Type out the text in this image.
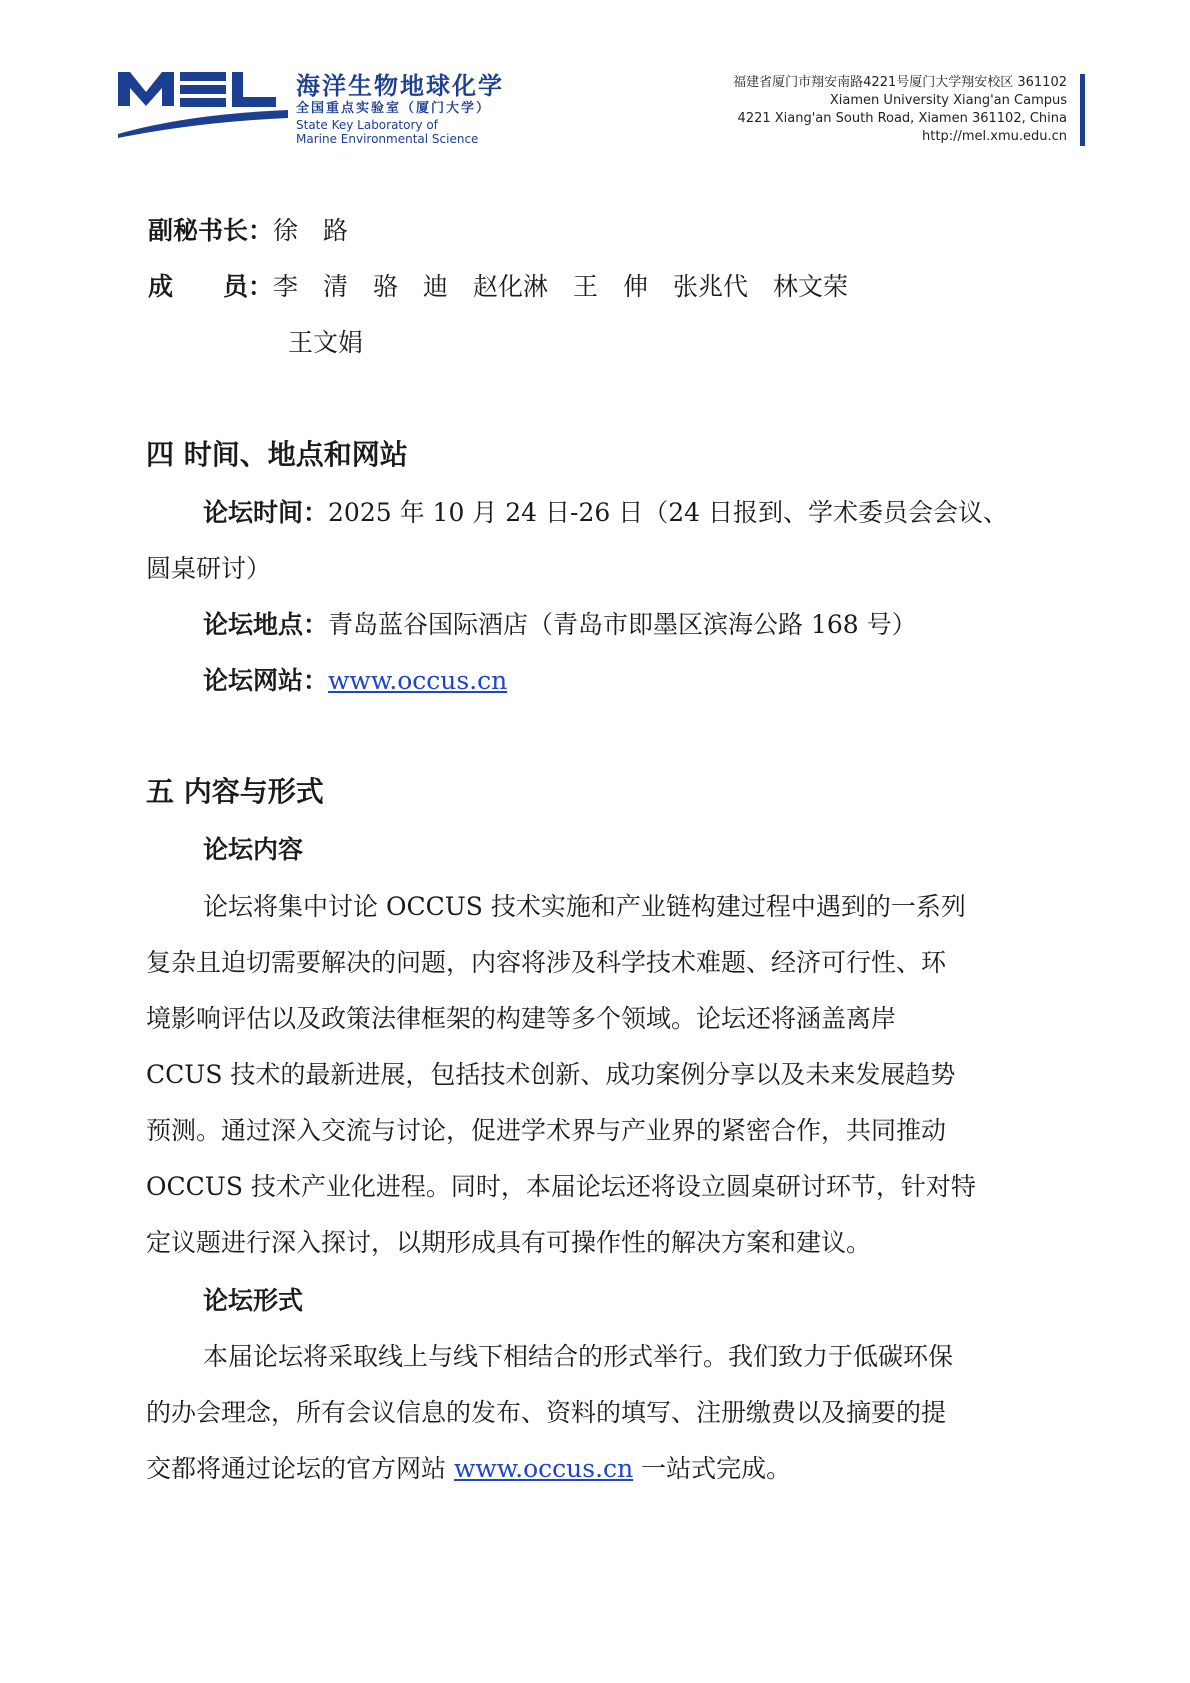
海洋生物地球化学
全国重点实验室（厦门大学）
State Key Laboratory of
Marine Environmental Science
福建省厦门市翔安南路4221号厦门大学翔安校区 361102
Xiamen University Xiang'an Campus
4221 Xiang'an South Road, Xiamen 361102, China
http://mel.xmu.edu.cn
副秘书长：徐　路
成　　员：李　清　骆　迪　赵化淋　王　伸　张兆代　林文荣
王文娟
四 时间、地点和网站
论坛时间：2025 年 10 月 24 日-26 日（24 日报到、学术委员会会议、
圆桌研讨）
论坛地点：青岛蓝谷国际酒店（青岛市即墨区滨海公路 168 号）
论坛网站：www.occus.cn
五 内容与形式
论坛内容
论坛将集中讨论 OCCUS 技术实施和产业链构建过程中遇到的一系列
复杂且迫切需要解决的问题，内容将涉及科学技术难题、经济可行性、环
境影响评估以及政策法律框架的构建等多个领域。论坛还将涵盖离岸
CCUS 技术的最新进展，包括技术创新、成功案例分享以及未来发展趋势
预测。通过深入交流与讨论，促进学术界与产业界的紧密合作，共同推动
OCCUS 技术产业化进程。同时，本届论坛还将设立圆桌研讨环节，针对特
定议题进行深入探讨，以期形成具有可操作性的解决方案和建议。
论坛形式
本届论坛将采取线上与线下相结合的形式举行。我们致力于低碳环保
的办会理念，所有会议信息的发布、资料的填写、注册缴费以及摘要的提
交都将通过论坛的官方网站 www.occus.cn 一站式完成。
